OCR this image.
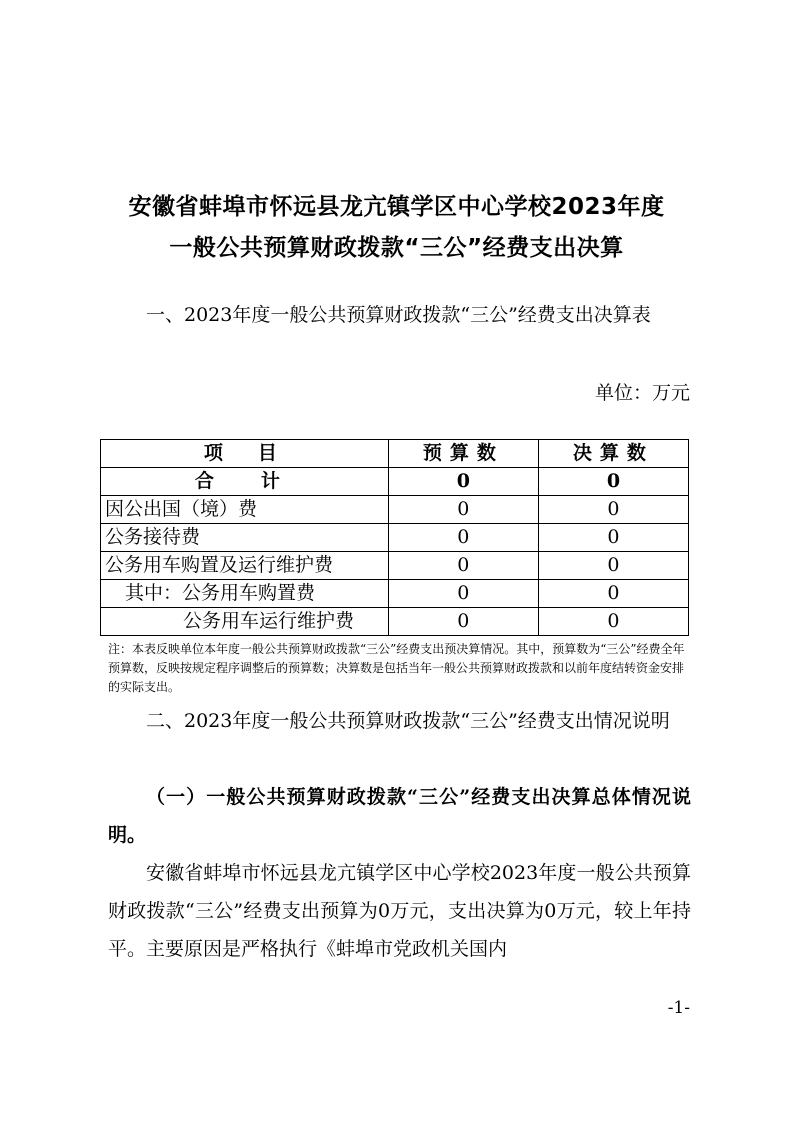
安徽省蚌埠市怀远县龙亢镇学区中心学校2023年度
一般公共预算财政拨款“三公”经费支出决算

一、2023年度一般公共预算财政拨款“三公”经费支出决算表

单位：万元
项　目	预算数	决算数
合　计	0	0
因公出国（境）费	0	0
公务接待费	0	0
公务用车购置及运行维护费	0	0
其中：公务用车购置费	0	0
公务用车运行维护费	0	0

注：本表反映单位本年度一般公共预算财政拨款“三公”经费支出预决算情况。其中，预算数为“三公”经费全年预算数，反映按规定程序调整后的预算数；决算数是包括当年一般公共预算财政拨款和以前年度结转资金安排的实际支出。

二、2023年度一般公共预算财政拨款“三公”经费支出情况说明

（一）一般公共预算财政拨款“三公”经费支出决算总体情况说明。

安徽省蚌埠市怀远县龙亢镇学区中心学校2023年度一般公共预算财政拨款“三公”经费支出预算为0万元，支出决算为0万元，较上年持平。主要原因是严格执行《蚌埠市党政机关国内

-1-
